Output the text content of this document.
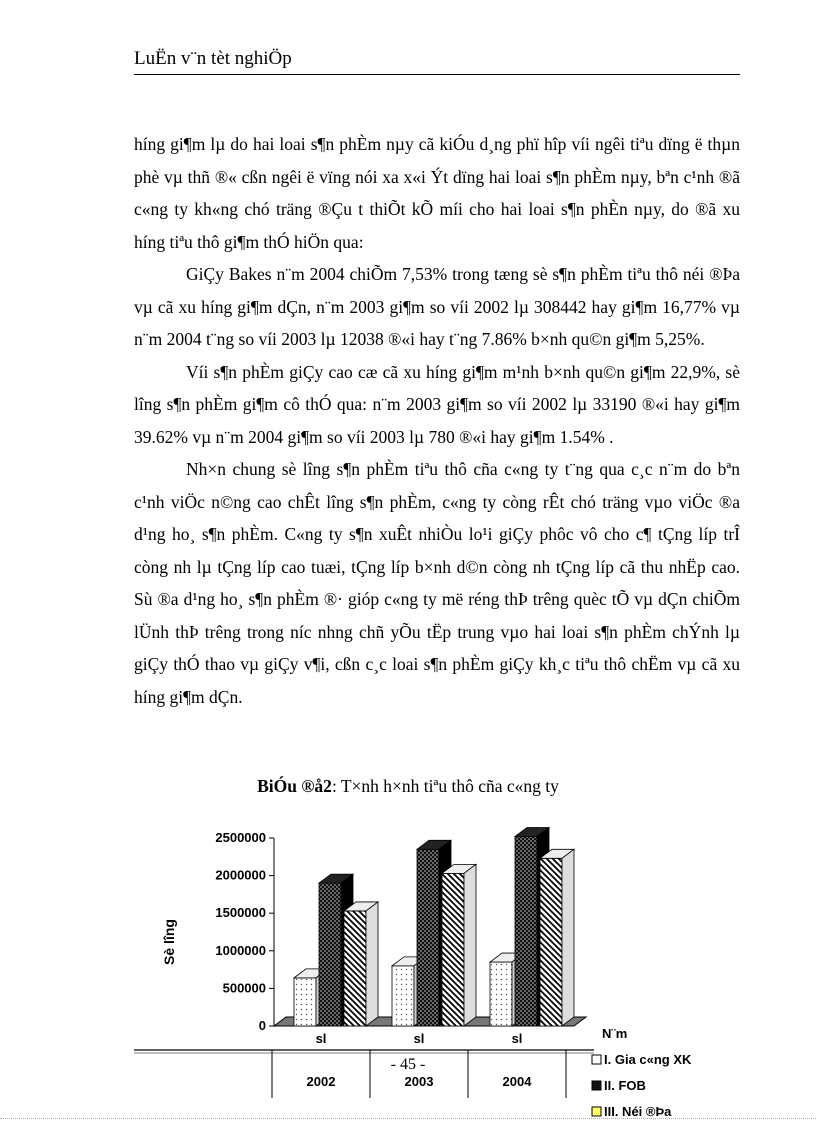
LuËn v¨n tèt nghiÖp

híng gi¶m lµ do hai loai s¶n phÈm nµy cã kiÓu d¸ng phï hîp víi ngêi tiªu dïng ë thµn phè vµ thñ ®« cßn ngêi ë vïng nói xa x«i Ýt dïng hai loai s¶n phÈm nµy, bªn c¹nh ®ã c«ng ty kh«ng chó träng ®Çu t thiÕt kÕ míi cho hai loai s¶n phÈn nµy, do ®ã xu híng tiªu thô gi¶m thÓ hiÖn qua:

GiÇy Bakes n¨m 2004 chiÕm 7,53% trong tæng sè s¶n phÈm tiªu thô néi ®Þa vµ cã xu híng gi¶m dÇn, n¨m 2003 gi¶m so víi 2002 lµ 308442 hay gi¶m 16,77% vµ n¨m 2004 t¨ng so víi 2003 lµ 12038 ®«i hay t¨ng 7.86% b×nh qu©n gi¶m 5,25%.

Víi s¶n phÈm giÇy cao cæ cã xu híng gi¶m m¹nh b×nh qu©n gi¶m 22,9%, sè lîng s¶n phÈm gi¶m cô thÓ qua: n¨m 2003 gi¶m so víi 2002 lµ 33190 ®«i hay gi¶m 39.62% vµ n¨m 2004 gi¶m so víi 2003 lµ 780 ®«i hay gi¶m 1.54% .

Nh×n chung sè lîng s¶n phÈm tiªu thô cña c«ng ty t¨ng qua c¸c n¨m do bªn c¹nh viÖc n©ng cao chÊt lîng s¶n phÈm, c«ng ty còng rÊt chó träng vµo viÖc ®a d¹ng ho¸ s¶n phÈm. C«ng ty s¶n xuÊt nhiÒu lo¹i giÇy phôc vô cho c¶ tÇng líp trÎ còng nh lµ tÇng líp cao tuæi, tÇng líp b×nh d©n còng nh tÇng líp cã thu nhËp cao. Sù ®a d¹ng ho¸ s¶n phÈm ®· gióp c«ng ty më réng thÞ trêng quèc tÕ vµ dÇn chiÕm lÜnh thÞ trêng trong níc nhng chñ yÕu tËp trung vµo hai loai s¶n phÈm chÝnh lµ giÇy thÓ thao vµ giÇy v¶i, cßn c¸c loai s¶n phÈm giÇy kh¸c tiªu thô chËm vµ cã xu híng gi¶m dÇn.

BiÓu ®å2: T×nh h×nh tiªu thô cña c«ng ty
0
500000
1000000
1500000
2000000
2500000
Sè lîng
N¨m
sl
2002
sl
2003
sl
2004
I. Gia c«ng XK
II. FOB
III. Néi ®Þa
- 45 -
